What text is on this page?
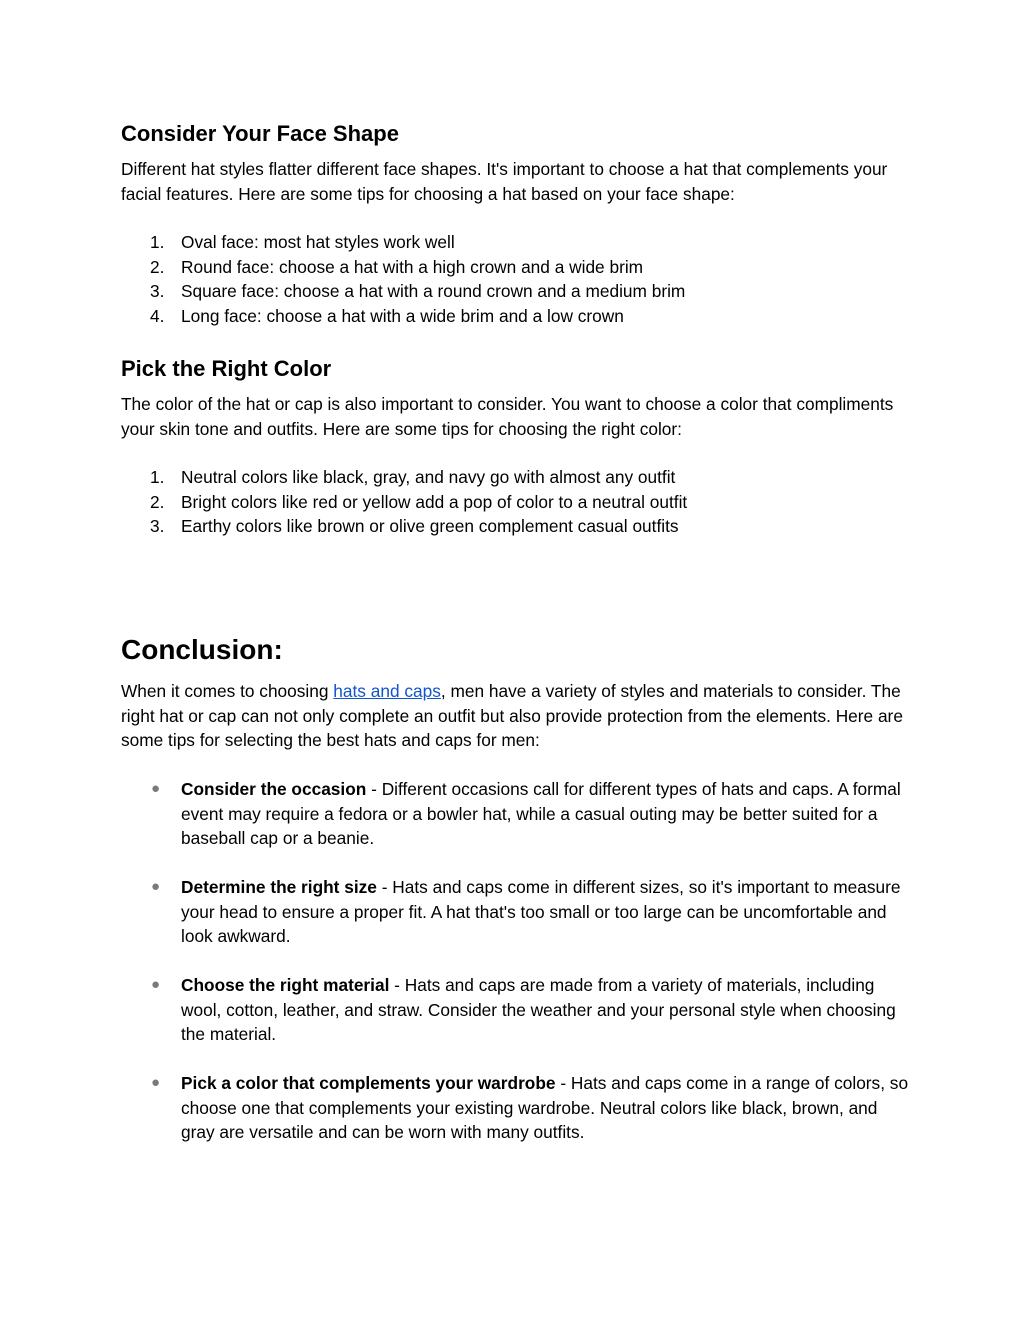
Consider Your Face Shape

Different hat styles flatter different face shapes. It's important to choose a hat that complements your facial features. Here are some tips for choosing a hat based on your face shape:

1. Oval face: most hat styles work well
2. Round face: choose a hat with a high crown and a wide brim
3. Square face: choose a hat with a round crown and a medium brim
4. Long face: choose a hat with a wide brim and a low crown
Pick the Right Color

The color of the hat or cap is also important to consider. You want to choose a color that compliments your skin tone and outfits. Here are some tips for choosing the right color:

1. Neutral colors like black, gray, and navy go with almost any outfit
2. Bright colors like red or yellow add a pop of color to a neutral outfit
3. Earthy colors like brown or olive green complement casual outfits
Conclusion:

When it comes to choosing hats and caps, men have a variety of styles and materials to consider. The right hat or cap can not only complete an outfit but also provide protection from the elements. Here are some tips for selecting the best hats and caps for men:

● Consider the occasion - Different occasions call for different types of hats and caps. A formal event may require a fedora or a bowler hat, while a casual outing may be better suited for a baseball cap or a beanie.
● Determine the right size - Hats and caps come in different sizes, so it's important to measure your head to ensure a proper fit. A hat that's too small or too large can be uncomfortable and look awkward.
● Choose the right material - Hats and caps are made from a variety of materials, including wool, cotton, leather, and straw. Consider the weather and your personal style when choosing the material.
● Pick a color that complements your wardrobe - Hats and caps come in a range of colors, so choose one that complements your existing wardrobe. Neutral colors like black, brown, and gray are versatile and can be worn with many outfits.
